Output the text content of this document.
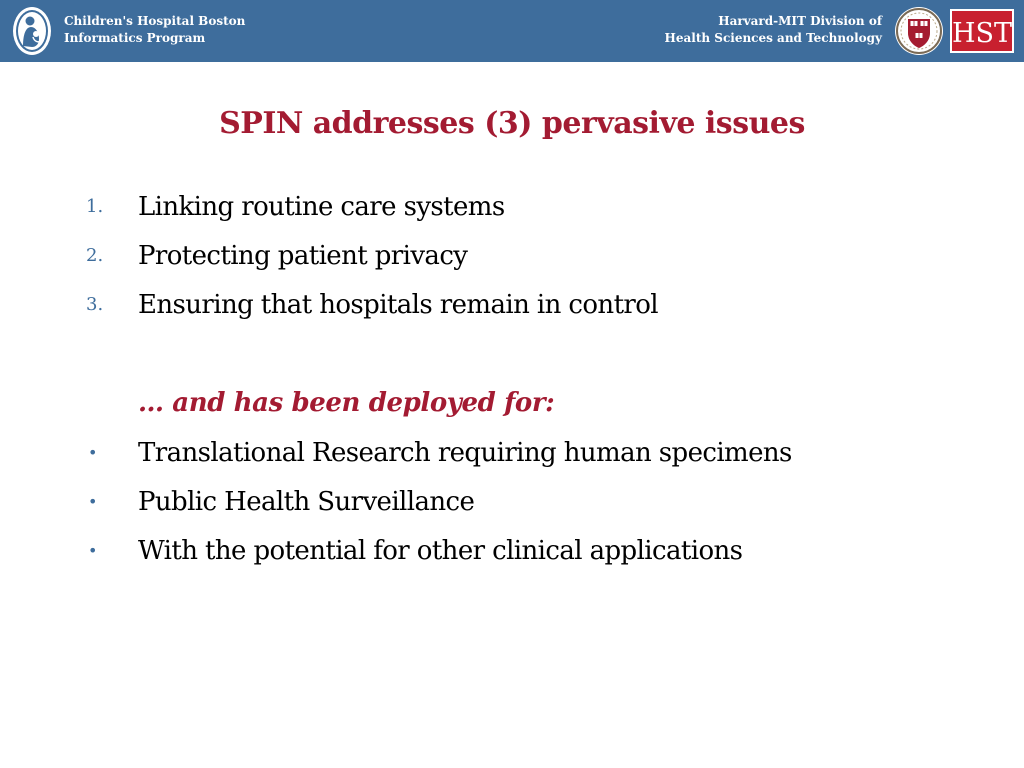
Children's Hospital Boston
Informatics Program
Harvard-MIT Division of
Health Sciences and Technology	HST
SPIN addresses (3) pervasive issues
1. Linking routine care systems
2. Protecting patient privacy
3. Ensuring that hospitals remain in control
… and has been deployed for:
• Translational Research requiring human specimens
• Public Health Surveillance
• With the potential for other clinical applications
